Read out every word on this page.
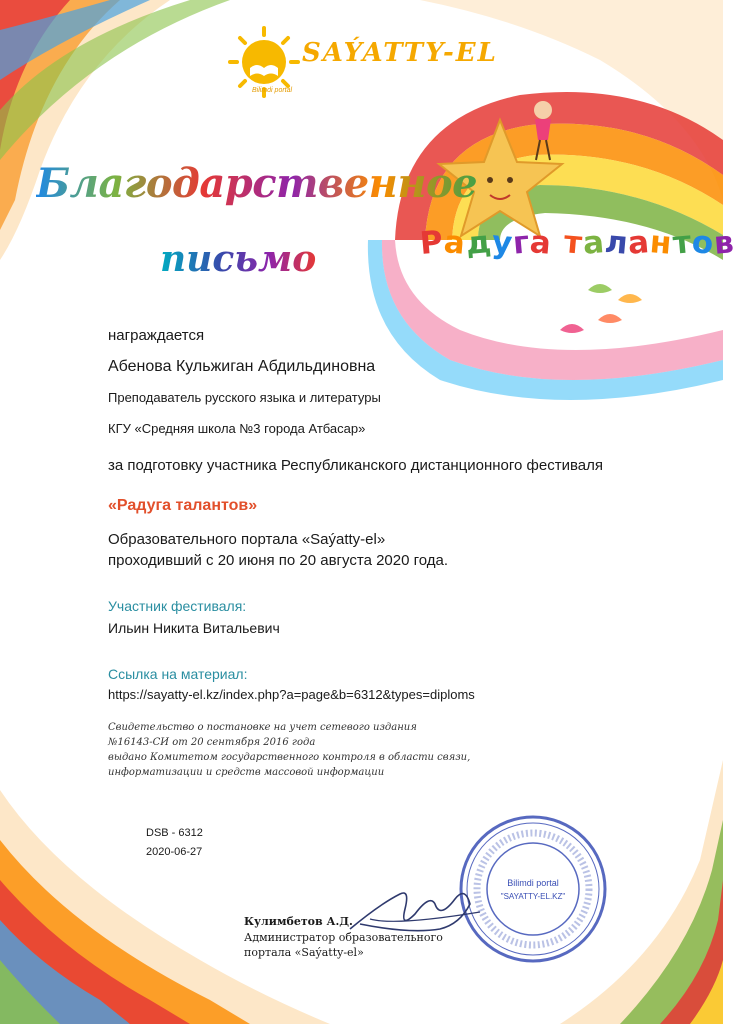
SAÝATTY-EL
Bilimdi portal
Благодарственное
письмо	Радуга талантов
награждается
Абенова Кульжиган Абдильдиновна
Преподаватель русского языка и литературы
КГУ «Средняя школа №3 города Атбасар»
за подготовку участника Республиканского дистанционного фестиваля
«Радуга талантов»
Образовательного портала «Saýatty-el»
проходивший с 20 июня по 20 августа 2020 года.
Участник фестиваля:
Ильин Никита Витальевич
Ссылка на материал:
https://sayatty-el.kz/index.php?a=page&b=6312&types=diploms
Свидетельство о постановке на учет сетевого издания
№16143-СИ от 20 сентября 2016 года
выдано Комитетом государственного контроля в области связи,
информатизации и средств массовой информации
DSB - 6312
2020-06-27
Bilimdi portal
"SAYATTY-EL.KZ"
Кулимбетов А.Д.
Администратор образовательного
портала «Saýatty-el»
